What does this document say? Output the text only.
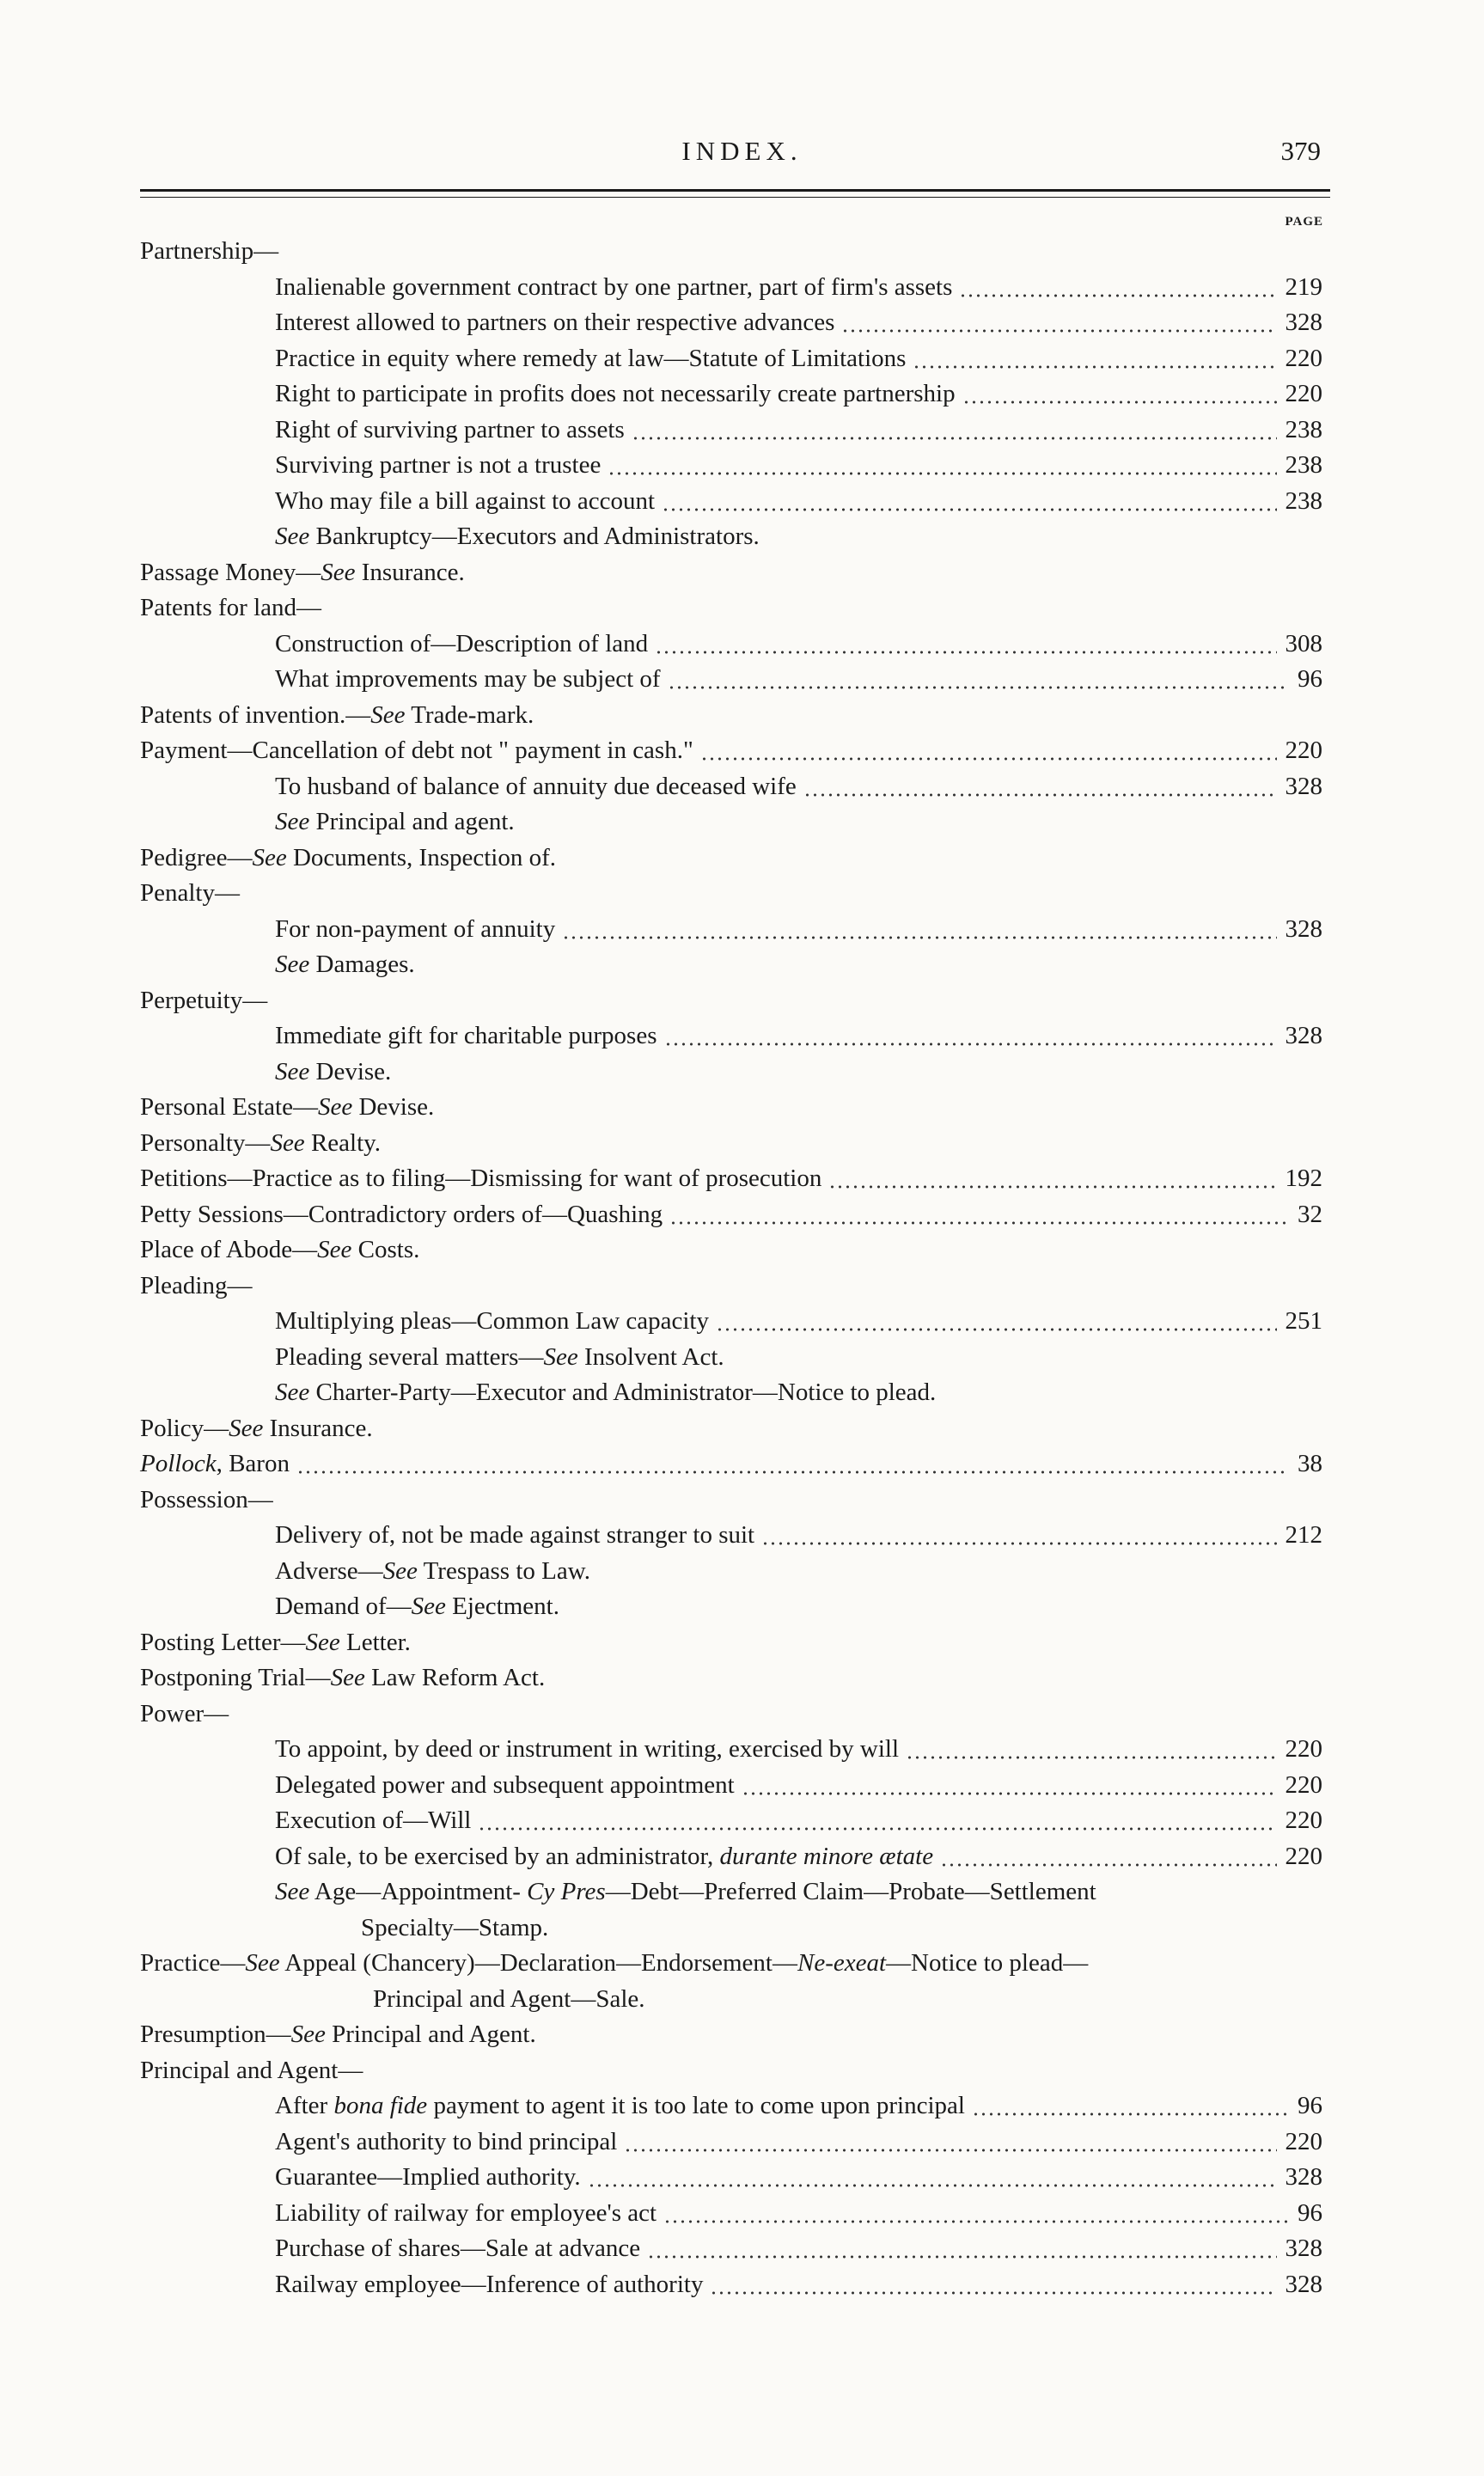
INDEX.	379
PAGE
Partnership—
Inalienable government contract by one partner, part of firm's assets	219
Interest allowed to partners on their respective advances	328
Practice in equity where remedy at law—Statute of Limitations	220
Right to participate in profits does not necessarily create partnership	220
Right of surviving partner to assets	238
Surviving partner is not a trustee	238
Who may file a bill against to account	238
See Bankruptcy—Executors and Administrators.
Passage Money—See Insurance.
Patents for land—
Construction of—Description of land	308
What improvements may be subject of	96
Patents of invention.—See Trade-mark.
Payment—Cancellation of debt not " payment in cash."	220
To husband of balance of annuity due deceased wife	328
See Principal and agent.
Pedigree—See Documents, Inspection of.
Penalty—
For non-payment of annuity	328
See Damages.
Perpetuity—
Immediate gift for charitable purposes	328
See Devise.
Personal Estate—See Devise.
Personalty—See Realty.
Petitions—Practice as to filing—Dismissing for want of prosecution	192
Petty Sessions—Contradictory orders of—Quashing	32
Place of Abode—See Costs.
Pleading—
Multiplying pleas—Common Law capacity	251
Pleading several matters—See Insolvent Act.
See Charter-Party—Executor and Administrator—Notice to plead.
Policy—See Insurance.
Pollock, Baron	38
Possession—
Delivery of, not be made against stranger to suit	212
Adverse—See Trespass to Law.
Demand of—See Ejectment.
Posting Letter—See Letter.
Postponing Trial—See Law Reform Act.
Power—
To appoint, by deed or instrument in writing, exercised by will	220
Delegated power and subsequent appointment	220
Execution of—Will	220
Of sale, to be exercised by an administrator, durante minore ætate	220
See Age—Appointment- Cy Pres—Debt—Preferred Claim—Probate—Settlement
Specialty—Stamp.
Practice—See Appeal (Chancery)—Declaration—Endorsement—Ne-exeat—Notice to plead—
Principal and Agent—Sale.
Presumption—See Principal and Agent.
Principal and Agent—
After bona fide payment to agent it is too late to come upon principal	96
Agent's authority to bind principal	220
Guarantee—Implied authority.	328
Liability of railway for employee's act	96
Purchase of shares—Sale at advance	328
Railway employee—Inference of authority	328
